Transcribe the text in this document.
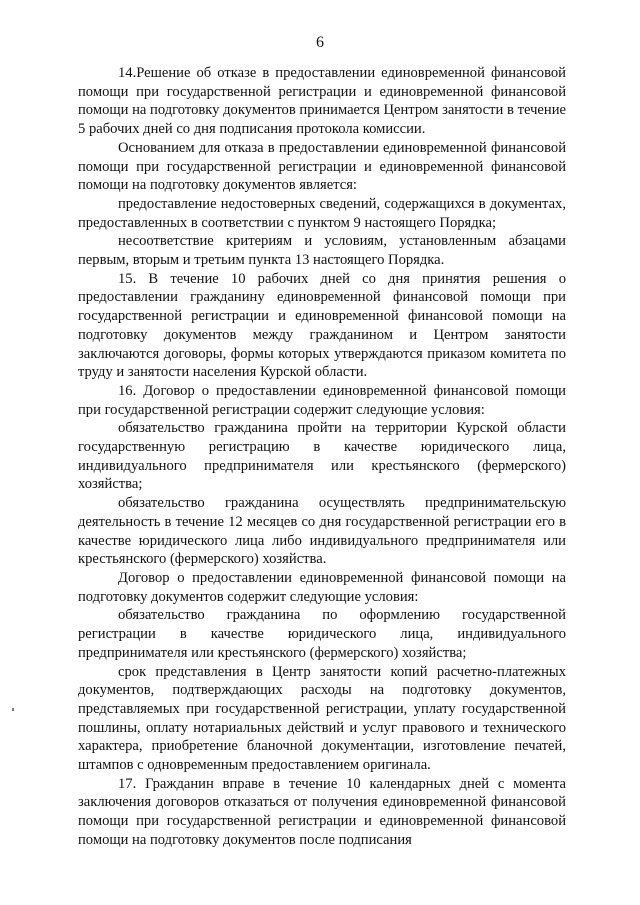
6

14.Решение об отказе в предоставлении единовременной финансовой помощи при государственной регистрации и единовременной финансовой помощи на подготовку документов принимается Центром занятости в течение 5 рабочих дней со дня подписания протокола комиссии.

Основанием для отказа в предоставлении единовременной финансовой помощи при государственной регистрации и единовременной финансовой помощи на подготовку документов является:

предоставление недостоверных сведений, содержащихся в документах, предоставленных в соответствии с пунктом 9 настоящего Порядка;

несоответствие критериям и условиям, установленным абзацами первым, вторым и третьим пункта 13 настоящего Порядка.

15. В течение 10 рабочих дней со дня принятия решения о предоставлении гражданину единовременной финансовой помощи при государственной регистрации и единовременной финансовой помощи на подготовку документов между гражданином и Центром занятости заключаются договоры, формы которых утверждаются приказом комитета по труду и занятости населения Курской области.

16. Договор о предоставлении единовременной финансовой помощи при государственной регистрации содержит следующие условия:

обязательство гражданина пройти на территории Курской области государственную регистрацию в качестве юридического лица, индивидуального предпринимателя или крестьянского (фермерского) хозяйства;

обязательство гражданина осуществлять предпринимательскую деятельность в течение 12 месяцев со дня государственной регистрации его в качестве юридического лица либо индивидуального предпринимателя или крестьянского (фермерского) хозяйства.

Договор о предоставлении единовременной финансовой помощи на подготовку документов содержит следующие условия:

обязательство гражданина по оформлению государственной регистрации в качестве юридического лица, индивидуального предпринимателя или крестьянского (фермерского) хозяйства;

срок представления в Центр занятости копий расчетно-платежных документов, подтверждающих расходы на подготовку документов, представляемых при государственной регистрации, уплату государственной пошлины, оплату нотариальных действий и услуг правового и технического характера, приобретение бланочной документации, изготовление печатей, штампов с одновременным предоставлением оригинала.

17. Гражданин вправе в течение 10 календарных дней с момента заключения договоров отказаться от получения единовременной финансовой помощи при государственной регистрации и единовременной финансовой помощи на подготовку документов после подписания
